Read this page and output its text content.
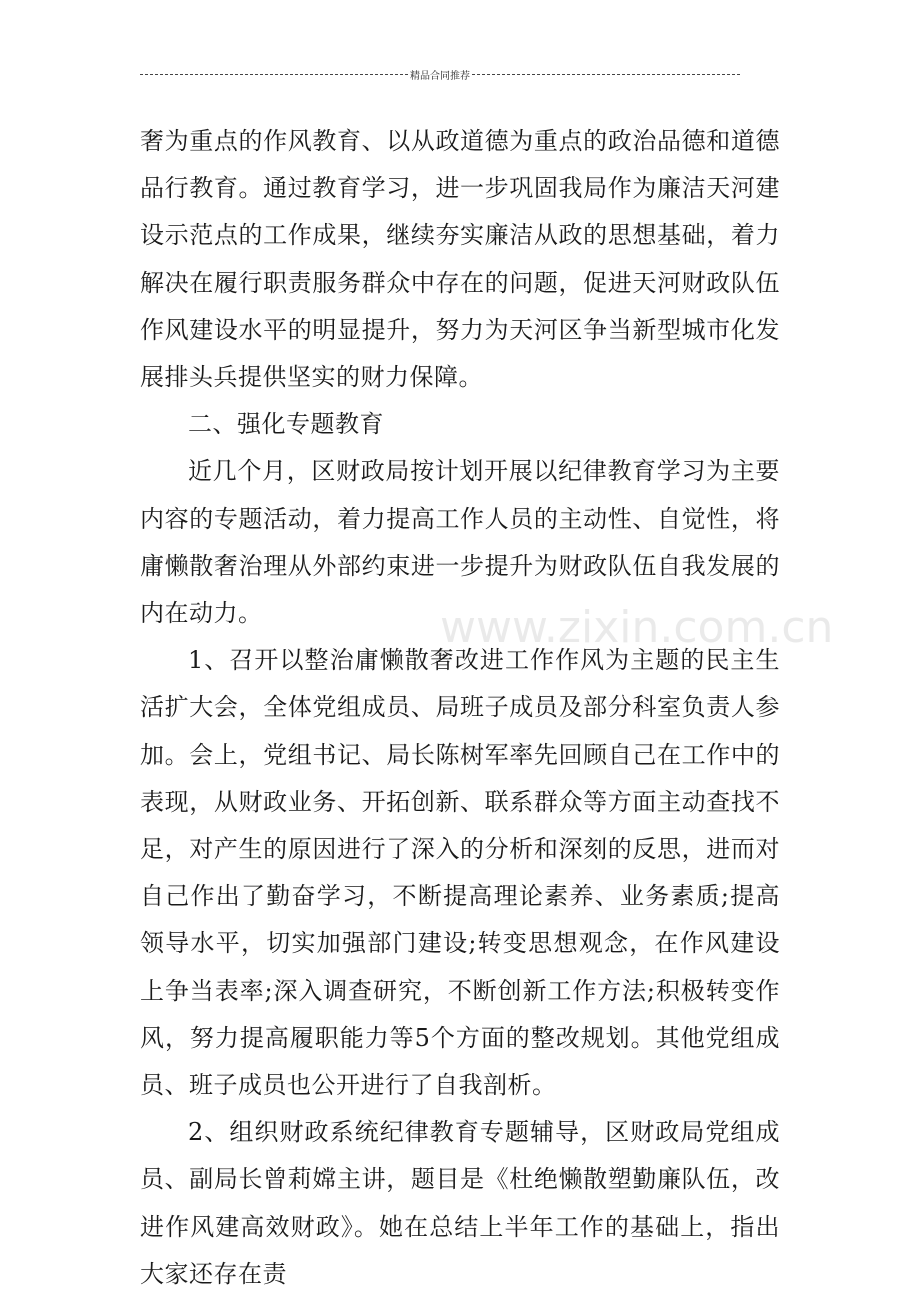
精品合同推荐

奢为重点的作风教育、以从政道德为重点的政治品德和道德品行教育。通过教育学习，进一步巩固我局作为廉洁天河建设示范点的工作成果，继续夯实廉洁从政的思想基础，着力解决在履行职责服务群众中存在的问题，促进天河财政队伍作风建设水平的明显提升，努力为天河区争当新型城市化发展排头兵提供坚实的财力保障。

二、强化专题教育

近几个月，区财政局按计划开展以纪律教育学习为主要内容的专题活动，着力提高工作人员的主动性、自觉性，将庸懒散奢治理从外部约束进一步提升为财政队伍自我发展的内在动力。

1、召开以整治庸懒散奢改进工作作风为主题的民主生活扩大会，全体党组成员、局班子成员及部分科室负责人参加。会上，党组书记、局长陈树军率先回顾自己在工作中的表现，从财政业务、开拓创新、联系群众等方面主动查找不足，对产生的原因进行了深入的分析和深刻的反思，进而对自己作出了勤奋学习，不断提高理论素养、业务素质;提高领导水平，切实加强部门建设;转变思想观念，在作风建设上争当表率;深入调查研究，不断创新工作方法;积极转变作风，努力提高履职能力等5个方面的整改规划。其他党组成员、班子成员也公开进行了自我剖析。

2、组织财政系统纪律教育专题辅导，区财政局党组成员、副局长曾莉嫦主讲，题目是《杜绝懒散塑勤廉队伍，改进作风建高效财政》。她在总结上半年工作的基础上，指出大家还存在责

www.zixin.com.cn
